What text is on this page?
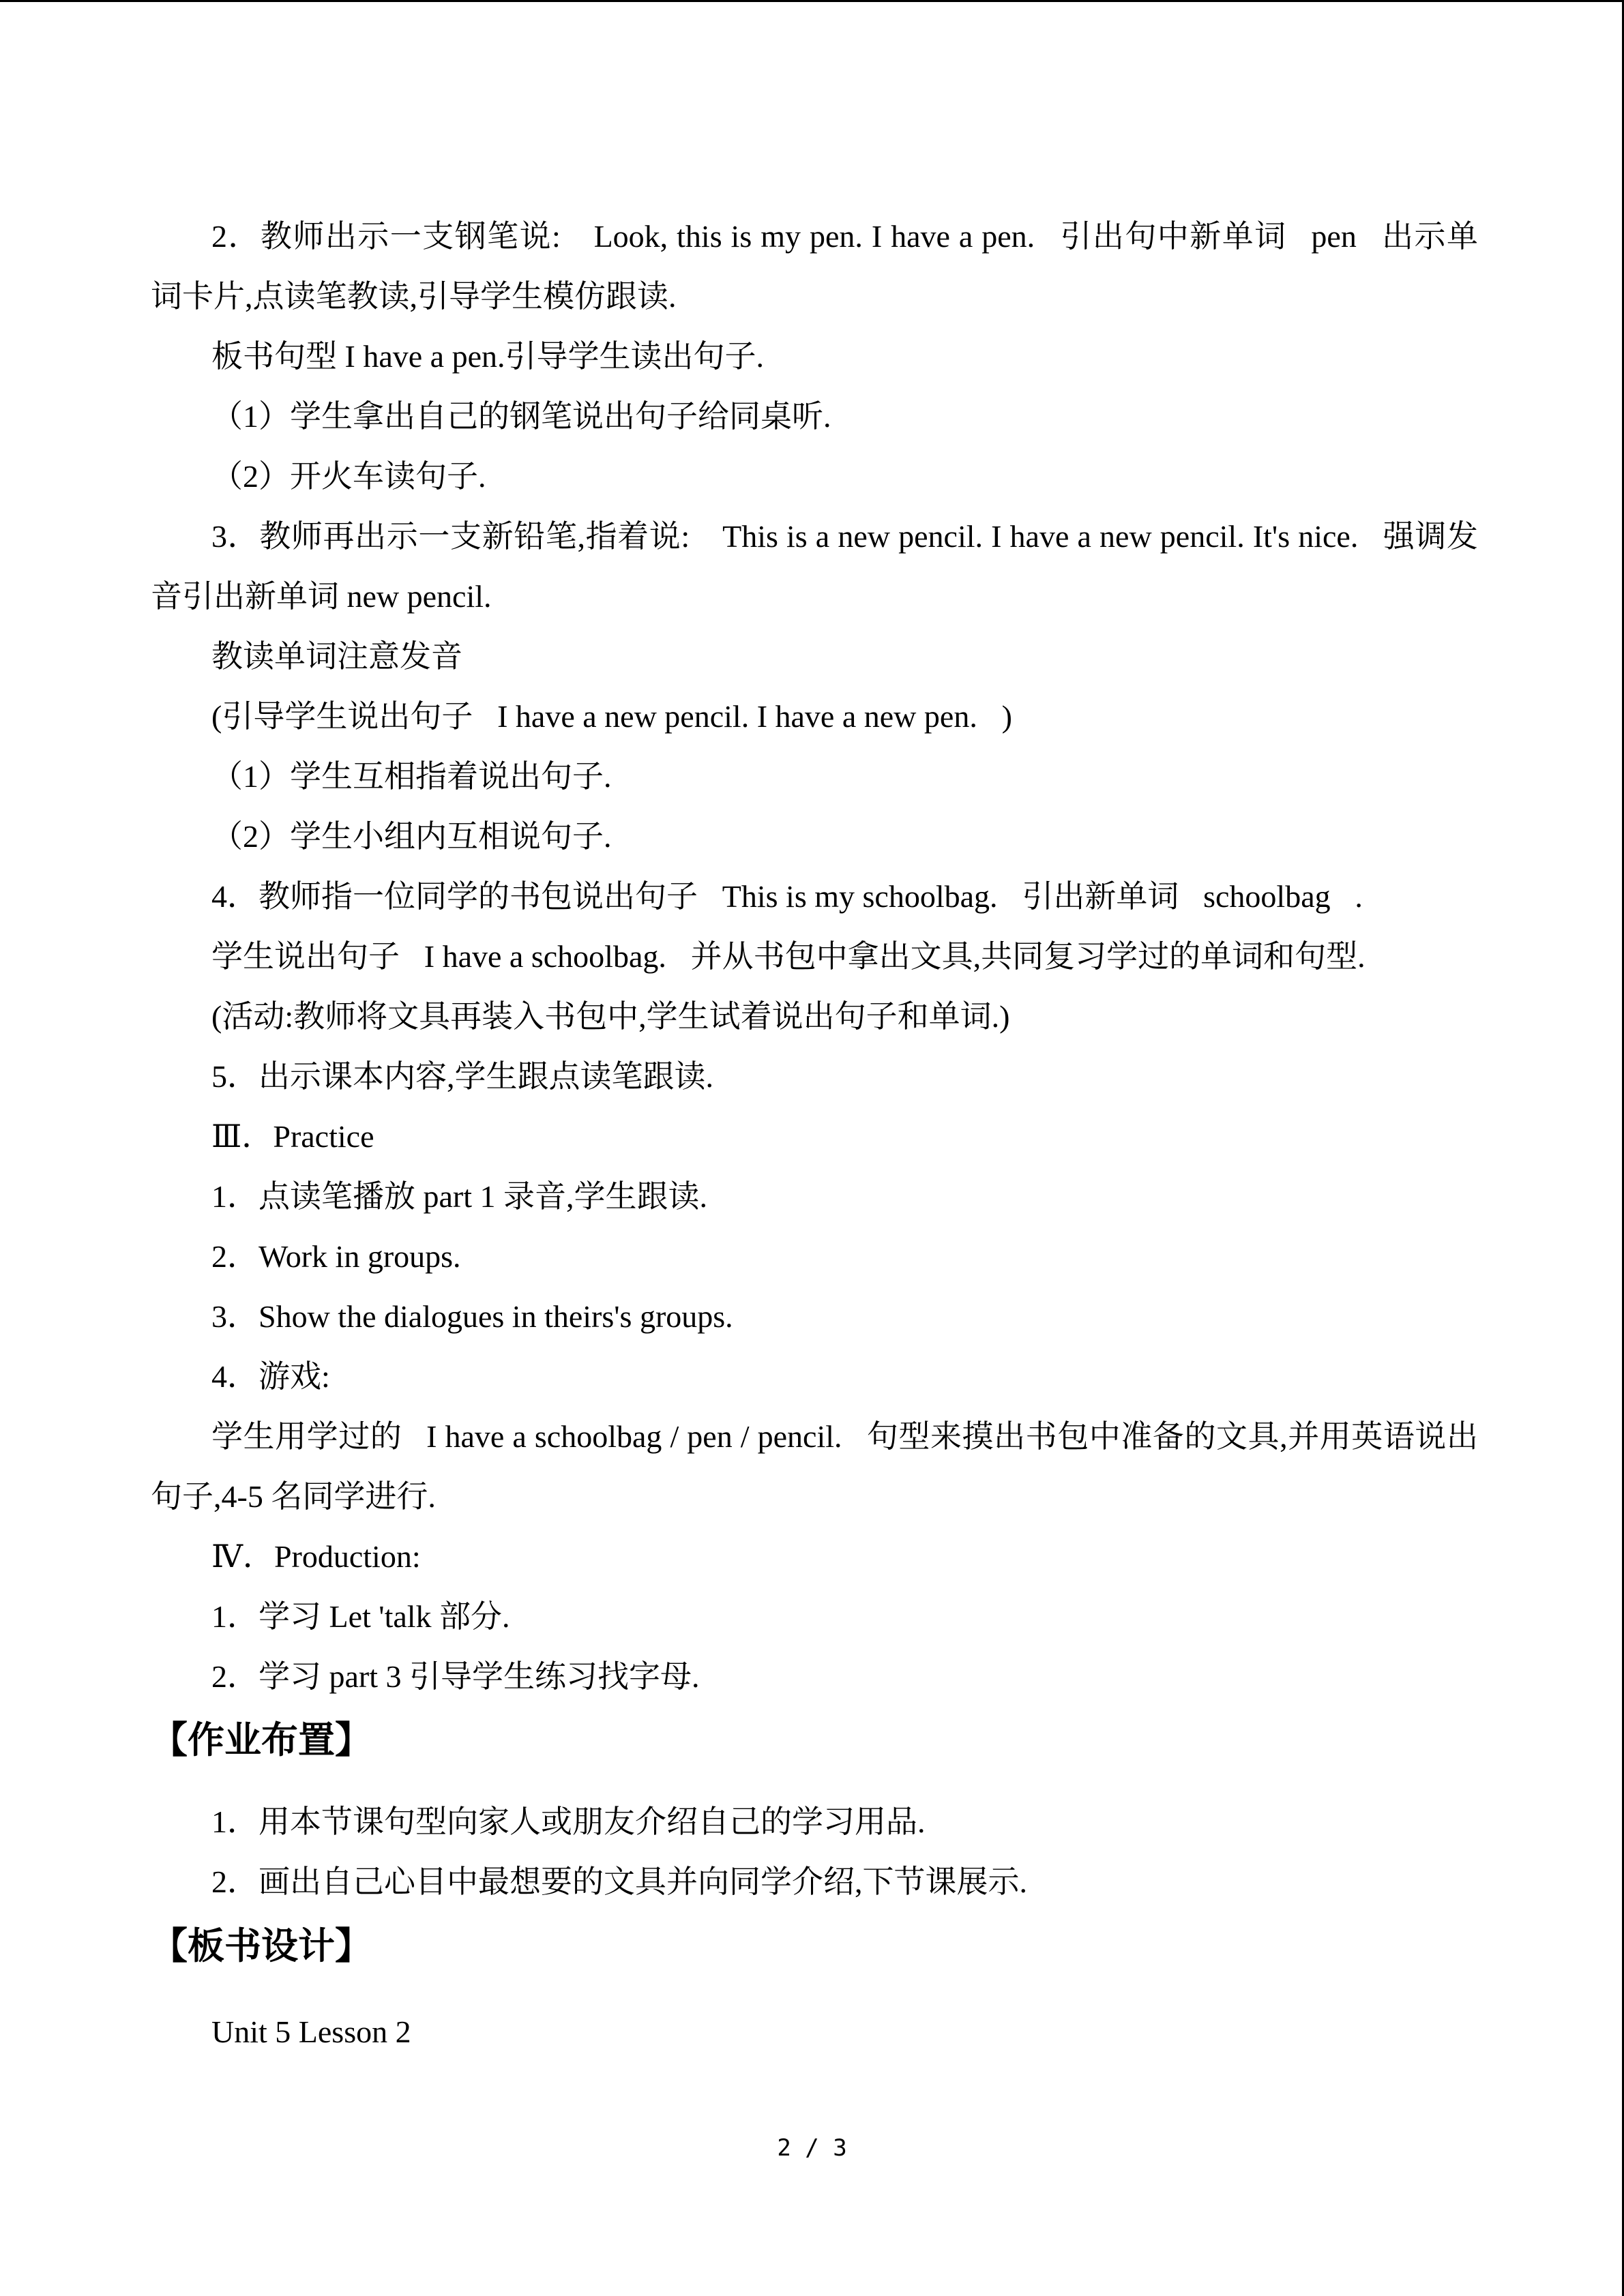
2．教师出示一支钢笔说:  Look, this is my pen. I have a pen. 引出句中新单词 pen 出示单词卡片,点读笔教读,引导学生模仿跟读.
板书句型 I have a pen.引导学生读出句子.
（1）学生拿出自己的钢笔说出句子给同桌听.
（2）开火车读句子.
3．教师再出示一支新铅笔,指着说:  This is a new pencil. I have a new pencil. It's nice. 强调发音引出新单词 new pencil.
教读单词注意发音
(引导学生说出句子 I have a new pencil. I have a new pen. )
（1）学生互相指着说出句子.
（2）学生小组内互相说句子.
4．教师指一位同学的书包说出句子 This is my schoolbag. 引出新单词 schoolbag .
学生说出句子 I have a schoolbag. 并从书包中拿出文具,共同复习学过的单词和句型.
(活动:教师将文具再装入书包中,学生试着说出句子和单词.)
5．出示课本内容,学生跟点读笔跟读.
Ⅲ．Practice
1．点读笔播放 part 1 录音,学生跟读.
2．Work in groups.
3．Show the dialogues in theirs's groups.
4．游戏:
学生用学过的 I have a schoolbag / pen / pencil. 句型来摸出书包中准备的文具,并用英语说出句子,4-5 名同学进行.
Ⅳ．Production:
1．学习 Let 'talk 部分.
2．学习 part 3 引导学生练习找字母.
【作业布置】
1．用本节课句型向家人或朋友介绍自己的学习用品.
2．画出自己心目中最想要的文具并向同学介绍,下节课展示.
【板书设计】
Unit 5 Lesson 2
2 / 3
